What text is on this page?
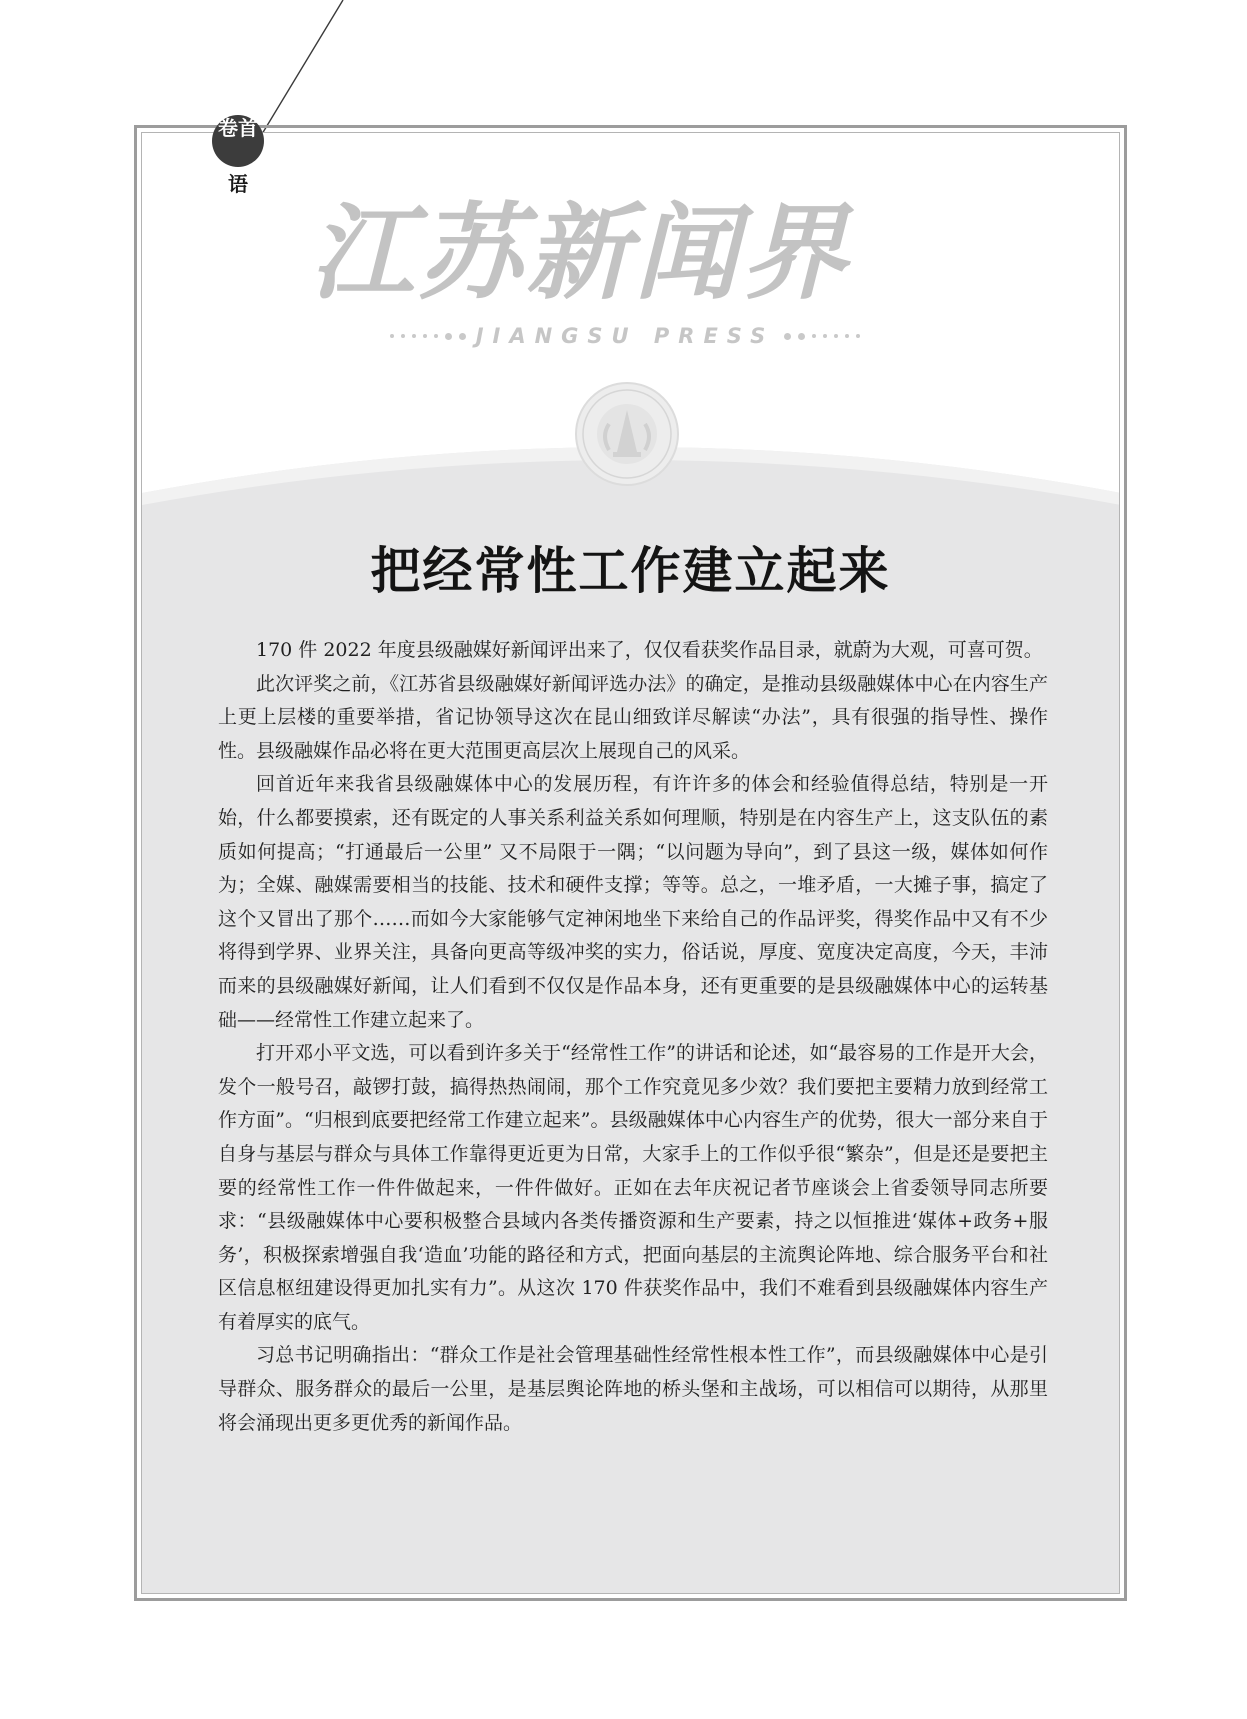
卷首
语
江苏新闻界
JIANGSU PRESS
把经常性工作建立起来

170 件 2022 年度县级融媒好新闻评出来了，仅仅看获奖作品目录，就蔚为大观，可喜可贺。

此次评奖之前，《江苏省县级融媒好新闻评选办法》的确定，是推动县级融媒体中心在内容生产上更上层楼的重要举措，省记协领导这次在昆山细致详尽解读“办法”，具有很强的指导性、操作性。县级融媒作品必将在更大范围更高层次上展现自己的风采。

回首近年来我省县级融媒体中心的发展历程，有许许多的体会和经验值得总结，特别是一开始，什么都要摸索，还有既定的人事关系利益关系如何理顺，特别是在内容生产上，这支队伍的素质如何提高；“打通最后一公里” 又不局限于一隅；“以问题为导向”，到了县这一级，媒体如何作为；全媒、融媒需要相当的技能、技术和硬件支撑；等等。总之，一堆矛盾，一大摊子事，搞定了这个又冒出了那个……而如今大家能够气定神闲地坐下来给自己的作品评奖，得奖作品中又有不少将得到学界、业界关注，具备向更高等级冲奖的实力，俗话说，厚度、宽度决定高度，今天，丰沛而来的县级融媒好新闻，让人们看到不仅仅是作品本身，还有更重要的是县级融媒体中心的运转基础——经常性工作建立起来了。

打开邓小平文选，可以看到许多关于“经常性工作”的讲话和论述，如“最容易的工作是开大会，发个一般号召，敲锣打鼓，搞得热热闹闹，那个工作究竟见多少效？我们要把主要精力放到经常工作方面”。“归根到底要把经常工作建立起来”。县级融媒体中心内容生产的优势，很大一部分来自于自身与基层与群众与具体工作靠得更近更为日常，大家手上的工作似乎很“繁杂”，但是还是要把主要的经常性工作一件件做起来，一件件做好。正如在去年庆祝记者节座谈会上省委领导同志所要求：“县级融媒体中心要积极整合县域内各类传播资源和生产要素，持之以恒推进‘媒体+政务+服务’，积极探索增强自我‘造血’功能的路径和方式，把面向基层的主流舆论阵地、综合服务平台和社区信息枢纽建设得更加扎实有力”。从这次 170 件获奖作品中，我们不难看到县级融媒体内容生产有着厚实的底气。

习总书记明确指出：“群众工作是社会管理基础性经常性根本性工作”，而县级融媒体中心是引导群众、服务群众的最后一公里，是基层舆论阵地的桥头堡和主战场，可以相信可以期待，从那里将会涌现出更多更优秀的新闻作品。
